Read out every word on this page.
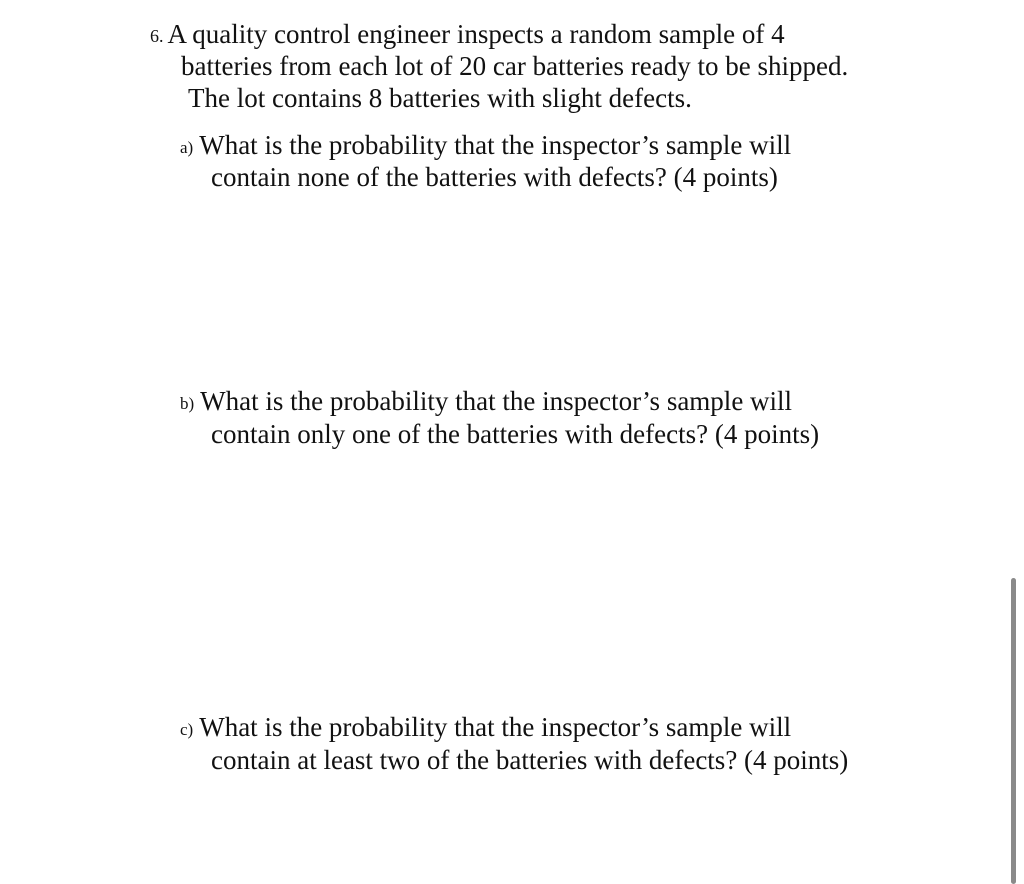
6. A quality control engineer inspects a random sample of 4

batteries from each lot of 20 car batteries ready to be shipped.

The lot contains 8 batteries with slight defects.

a) What is the probability that the inspector’s sample will

contain none of the batteries with defects? (4 points)

b) What is the probability that the inspector’s sample will

contain only one of the batteries with defects? (4 points)

c) What is the probability that the inspector’s sample will

contain at least two of the batteries with defects? (4 points)
